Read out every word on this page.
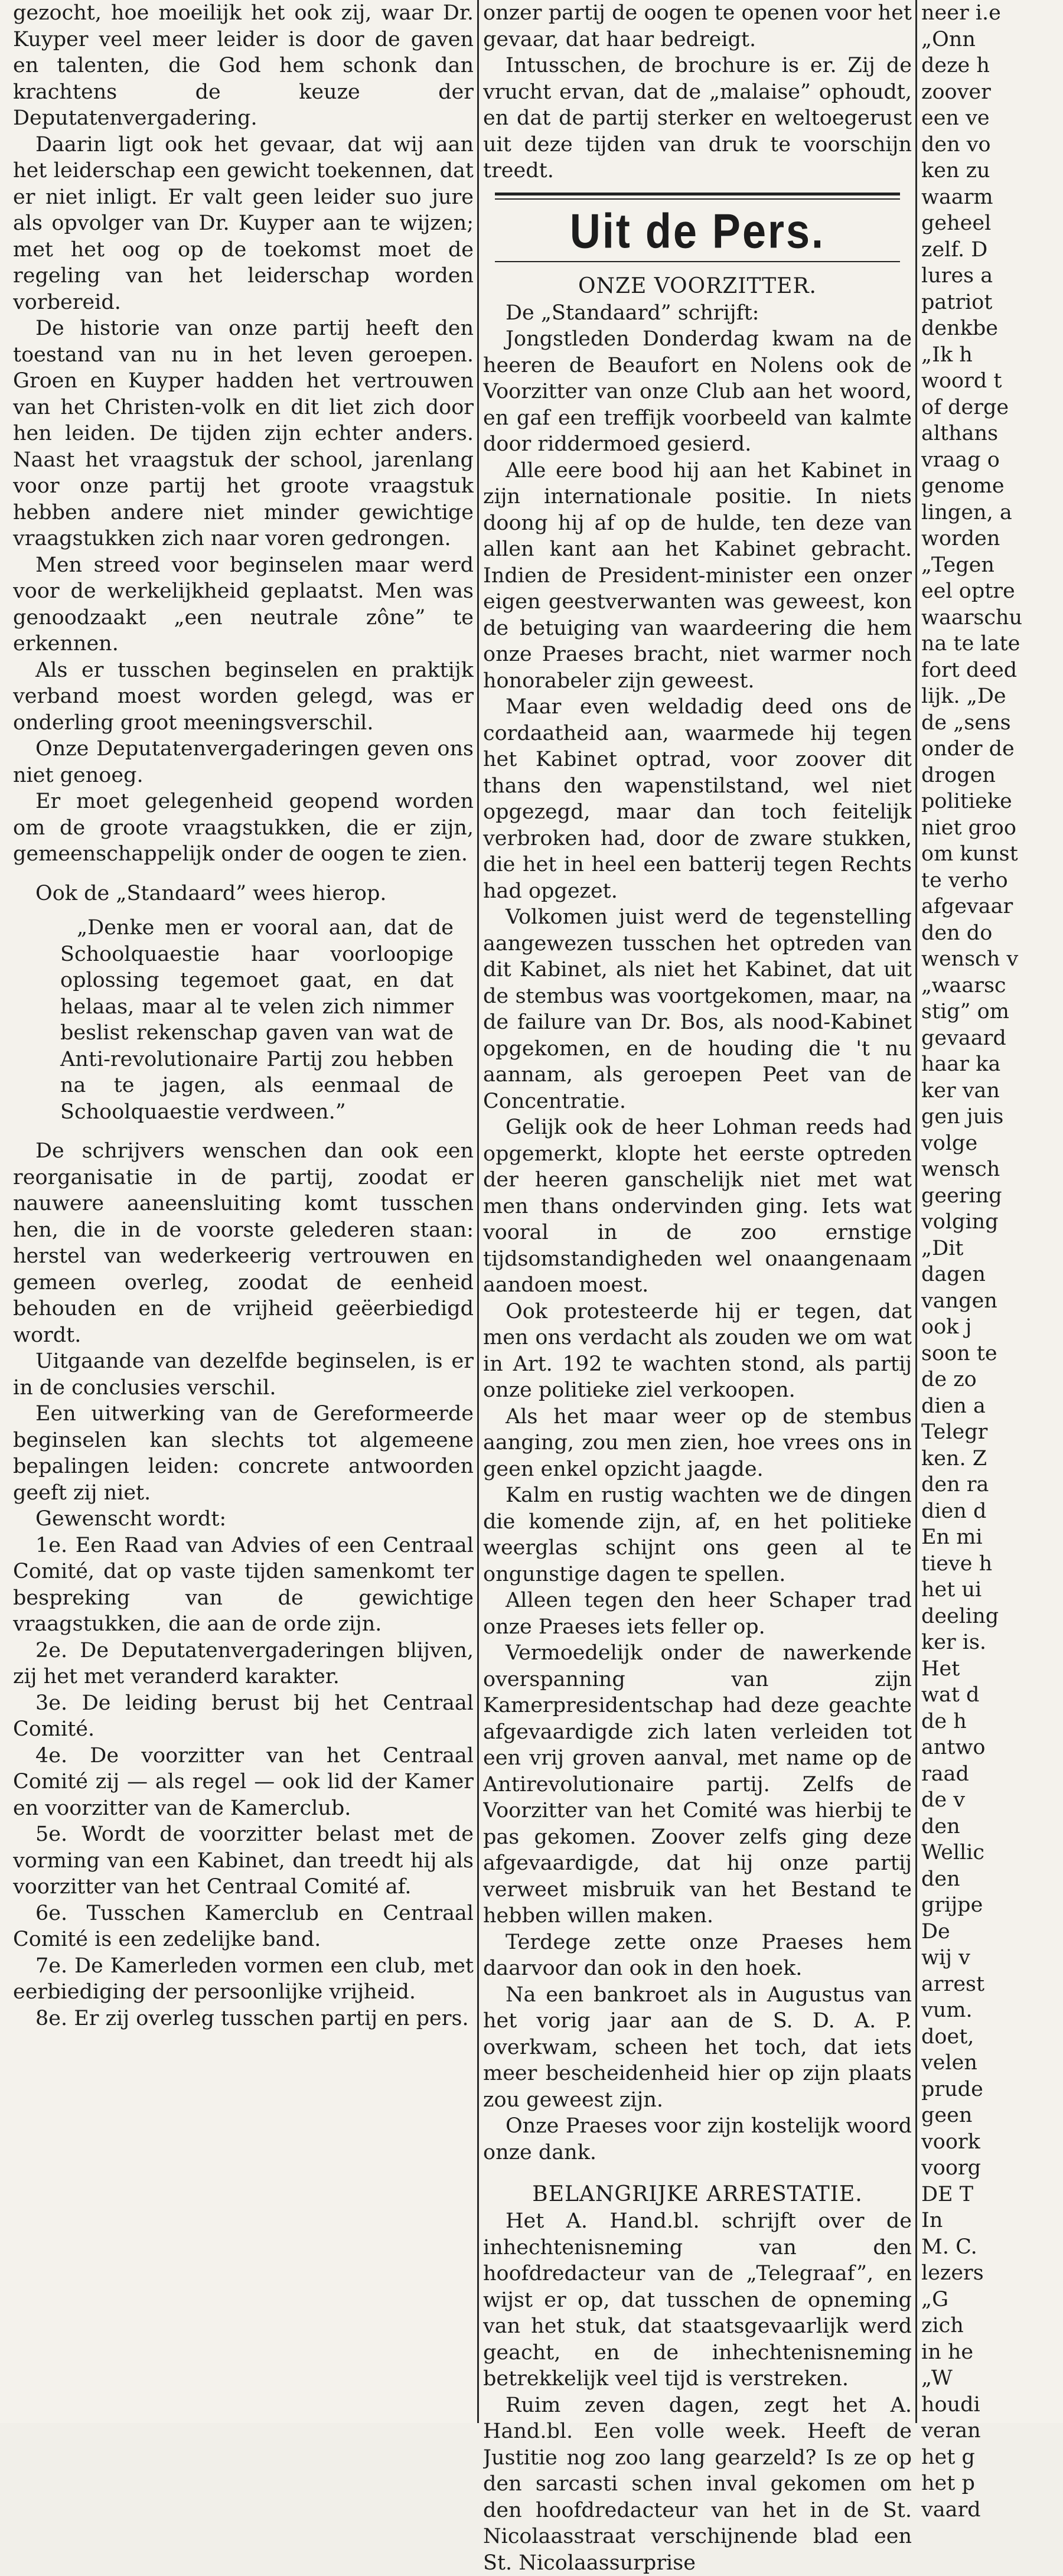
gezocht, hoe moeilijk het ook zij, waar Dr. Kuyper veel meer leider is door de gaven en talenten, die God hem schonk dan krachtens de keuze der Deputatenvergadering.

Daarin ligt ook het gevaar, dat wij aan het leiderschap een gewicht toekennen, dat er niet inligt. Er valt geen leider suo jure als opvolger van Dr. Kuyper aan te wijzen; met het oog op de toekomst moet de regeling van het leiderschap worden vorbereid.

De historie van onze partij heeft den toestand van nu in het leven geroepen. Groen en Kuyper hadden het vertrouwen van het Christen-volk en dit liet zich door hen leiden. De tijden zijn echter anders. Naast het vraagstuk der school, jarenlang voor onze partij het groote vraagstuk hebben andere niet minder gewichtige vraagstukken zich naar voren gedrongen.

Men streed voor beginselen maar werd voor de werkelijkheid geplaatst. Men was genoodzaakt „een neutrale zône” te erkennen.

Als er tusschen beginselen en praktijk verband moest worden gelegd, was er onderling groot meeningsverschil.

Onze Deputatenvergaderingen geven ons niet genoeg.

Er moet gelegenheid geopend worden om de groote vraagstukken, die er zijn, gemeenschappelijk onder de oogen te zien.

Ook de „Standaard” wees hierop.

„Denke men er vooral aan, dat de Schoolquaestie haar voorloopige oplossing tegemoet gaat, en dat helaas, maar al te velen zich nimmer beslist rekenschap gaven van wat de Anti-revolutionaire Partij zou hebben na te jagen, als eenmaal de Schoolquaestie verdween.”

De schrijvers wenschen dan ook een reorganisatie in de partij, zoodat er nauwere aaneensluiting komt tusschen hen, die in de voorste gelederen staan: herstel van wederkeerig vertrouwen en gemeen overleg, zoodat de eenheid behouden en de vrijheid geëerbiedigd wordt.

Uitgaande van dezelfde beginselen, is er in de conclusies verschil.

Een uitwerking van de Gereformeerde beginselen kan slechts tot algemeene bepalingen leiden: concrete antwoorden geeft zij niet.

Gewenscht wordt:

1e. Een Raad van Advies of een Centraal Comité, dat op vaste tijden samenkomt ter bespreking van de gewichtige vraagstukken, die aan de orde zijn.

2e. De Deputatenvergaderingen blijven, zij het met veranderd karakter.

3e. De leiding berust bij het Centraal Comité.

4e. De voorzitter van het Centraal Comité zij — als regel — ook lid der Kamer en voorzitter van de Kamerclub.

5e. Wordt de voorzitter belast met de vorming van een Kabinet, dan treedt hij als voorzitter van het Centraal Comité af.

6e. Tusschen Kamerclub en Centraal Comité is een zedelijke band.

7e. De Kamerleden vormen een club, met eerbiediging der persoonlijke vrijheid.

8e. Er zij overleg tusschen partij en pers.

onzer partij de oogen te openen voor het gevaar, dat haar bedreigt.

Intusschen, de brochure is er. Zij de vrucht ervan, dat de „malaise” ophoudt, en dat de partij sterker en weltoegerust uit deze tijden van druk te voorschijn treedt.

Uit de Pers.
ONZE VOORZITTER.

De „Standaard” schrijft:

Jongstleden Donderdag kwam na de heeren de Beaufort en Nolens ook de Voorzitter van onze Club aan het woord, en gaf een treffijk voorbeeld van kalmte door riddermoed gesierd.

Alle eere bood hij aan het Kabinet in zijn internationale positie. In niets doong hij af op de hulde, ten deze van allen kant aan het Kabinet gebracht. Indien de President-minister een onzer eigen geestverwanten was geweest, kon de betuiging van waardeering die hem onze Praeses bracht, niet warmer noch honorabeler zijn geweest.

Maar even weldadig deed ons de cordaatheid aan, waarmede hij tegen het Kabinet optrad, voor zoover dit thans den wapenstilstand, wel niet opgezegd, maar dan toch feitelijk verbroken had, door de zware stukken, die het in heel een batterij tegen Rechts had opgezet.

Volkomen juist werd de tegenstelling aangewezen tusschen het optreden van dit Kabinet, als niet het Kabinet, dat uit de stembus was voortgekomen, maar, na de failure van Dr. Bos, als nood-Kabinet opgekomen, en de houding die 't nu aannam, als geroepen Peet van de Concentratie.

Gelijk ook de heer Lohman reeds had opgemerkt, klopte het eerste optreden der heeren ganschelijk niet met wat men thans ondervinden ging. Iets wat vooral in de zoo ernstige tijdsomstandigheden wel onaangenaam aandoen moest.

Ook protesteerde hij er tegen, dat men ons verdacht als zouden we om wat in Art. 192 te wachten stond, als partij onze politieke ziel verkoopen.

Als het maar weer op de stembus aanging, zou men zien, hoe vrees ons in geen enkel opzicht jaagde.

Kalm en rustig wachten we de dingen die komende zijn, af, en het politieke weerglas schijnt ons geen al te ongunstige dagen te spellen.

Alleen tegen den heer Schaper trad onze Praeses iets feller op.

Vermoedelijk onder de nawerkende overspanning van zijn Kamerpresidentschap had deze geachte afgevaardigde zich laten verleiden tot een vrij groven aanval, met name op de Antirevolutionaire partij. Zelfs de Voorzitter van het Comité was hierbij te pas gekomen. Zoover zelfs ging deze afgevaardigde, dat hij onze partij verweet misbruik van het Bestand te hebben willen maken.

Terdege zette onze Praeses hem daarvoor dan ook in den hoek.

Na een bankroet als in Augustus van het vorig jaar aan de S. D. A. P. overkwam, scheen het toch, dat iets meer bescheidenheid hier op zijn plaats zou geweest zijn.

Onze Praeses voor zijn kostelijk woord onze dank.

BELANGRIJKE ARRESTATIE.

Het A. Hand.bl. schrijft over de inhechtenisneming van den hoofdredacteur van de „Telegraaf”, en wijst er op, dat tusschen de opneming van het stuk, dat staatsgevaarlijk werd geacht, en de inhechtenisneming betrekkelijk veel tijd is verstreken.

Ruim zeven dagen, zegt het A. Hand.bl. Een volle week. Heeft de Justitie nog zoo lang gearzeld? Is ze op den sarcasti schen inval gekomen om den hoofdredacteur van het in de St. Nicolaasstraat verschijnende blad een St. Nicolaassurprise

neer i.e

„Onn

deze h

zoover

een ve

den vo

ken zu

waarm

geheel

zelf. D

lures a

patriot

denkbe

„Ik h

woord t

of derge

althans

vraag o

genome

lingen, a

worden

„Tegen

eel optre

waarschu

na te late

fort deed

lijk. „De

de „sens

onder de

drogen

politieke

niet groo

om kunst

te verho

afgevaar

den do

wensch v

„waarsc

stig” om

gevaard

haar ka

ker van

gen juis

volge

wensch

geering

volging

„Dit

dagen

vangen

ook j

soon te

de zo

dien a

Telegr

ken. Z

den ra

dien d

En mi

tieve h

het ui

deeling

ker is.

Het

wat d

de h

antwo

raad

de v

den

Wellic

den

grijpe

De

wij v

arrest

vum.

doet,

velen

prude

geen

voork

voorg

DE T

In

M. C.

lezers

„G

zich

in he

„W

houdi

veran

het g

het p

vaard
